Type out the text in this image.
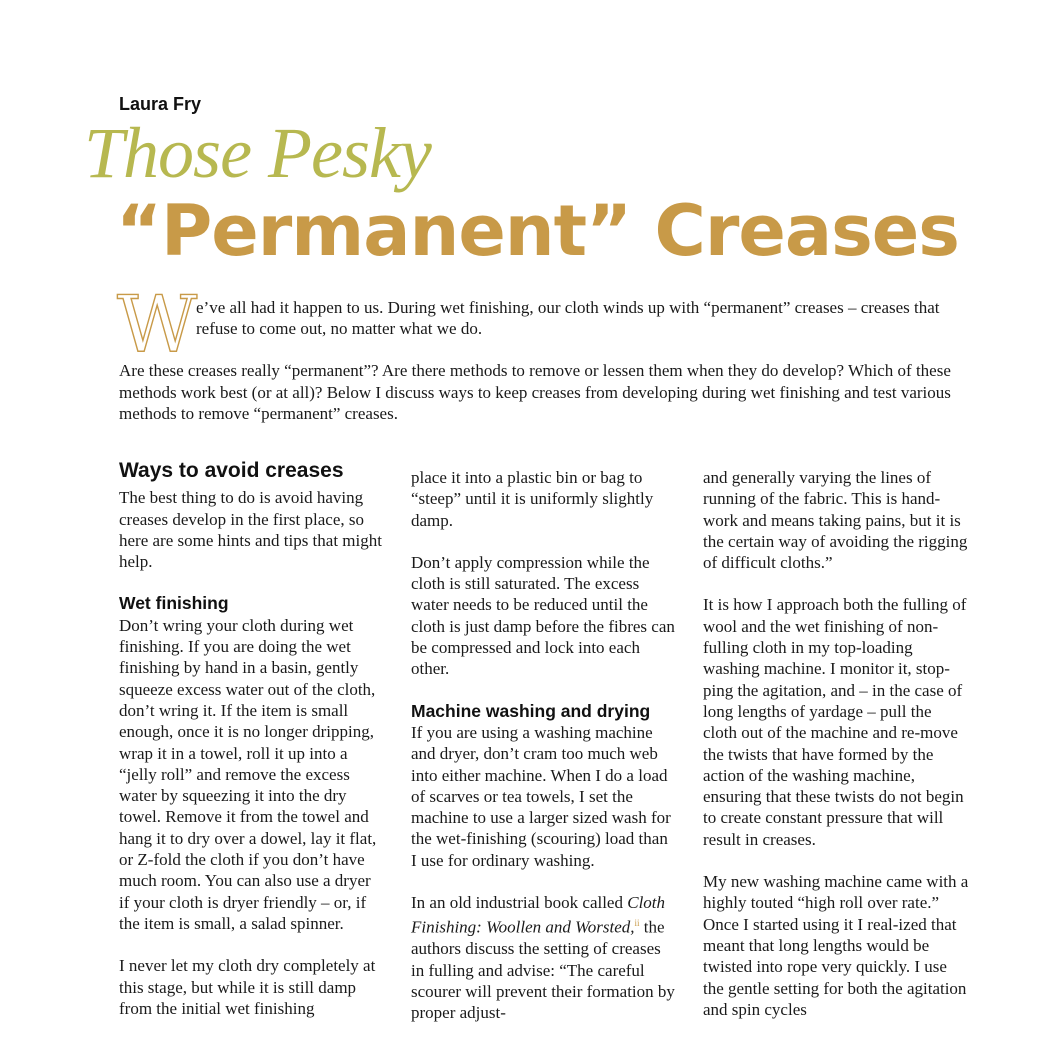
Laura Fry
Those Pesky
“Permanent” Creases
W
e’ve all had it happen to us. During wet finishing, our cloth winds up with “permanent” creases – creases that refuse to come out, no matter what we do.
Are these creases really “permanent”? Are there methods to remove or lessen them when they do develop? Which of these methods work best (or at all)? Below I discuss ways to keep creases from developing during wet finishing and test various methods to remove “permanent” creases.
Ways to avoid creases

The best thing to do is avoid having creases develop in the first place, so here are some hints and tips that might help.

Wet finishing

Don’t wring your cloth during wet finishing. If you are doing the wet finishing by hand in a basin, gently squeeze excess water out of the cloth, don’t wring it. If the item is small enough, once it is no longer dripping, wrap it in a towel, roll it up into a “jelly roll” and remove the excess water by squeezing it into the dry towel. Remove it from the towel and hang it to dry over a dowel, lay it flat, or Z-fold the cloth if you don’t have much room. You can also use a dryer if your cloth is dryer friendly – or, if the item is small, a salad spinner.

I never let my cloth dry completely at this stage, but while it is still damp from the initial wet finishing

place it into a plastic bin or bag to “steep” until it is uniformly slightly damp.

Don’t apply compression while the cloth is still saturated. The excess water needs to be reduced until the cloth is just damp before the fibres can be compressed and lock into each other.

Machine washing and drying

If you are using a washing machine and dryer, don’t cram too much web into either machine. When I do a load of scarves or tea towels, I set the machine to use a larger sized wash for the wet-finishing (scouring) load than I use for ordinary washing.

In an old industrial book called Cloth Finishing: Woollen and Worsted,$^{ii}$ the authors discuss the setting of creases in fulling and advise: “The careful scourer will prevent their formation by proper adjust-

and generally varying the lines of running of the fabric. This is hand-work and means taking pains, but it is the certain way of avoiding the rigging of difficult cloths.”

It is how I approach both the fulling of wool and the wet finishing of non-fulling cloth in my top-loading washing machine. I monitor it, stop-ping the agitation, and – in the case of long lengths of yardage – pull the cloth out of the machine and re-move the twists that have formed by the action of the washing machine, ensuring that these twists do not begin to create constant pressure that will result in creases.

My new washing machine came with a highly touted “high roll over rate.” Once I started using it I real-ized that meant that long lengths would be twisted into rope very quickly. I use the gentle setting for both the agitation and spin cycles
